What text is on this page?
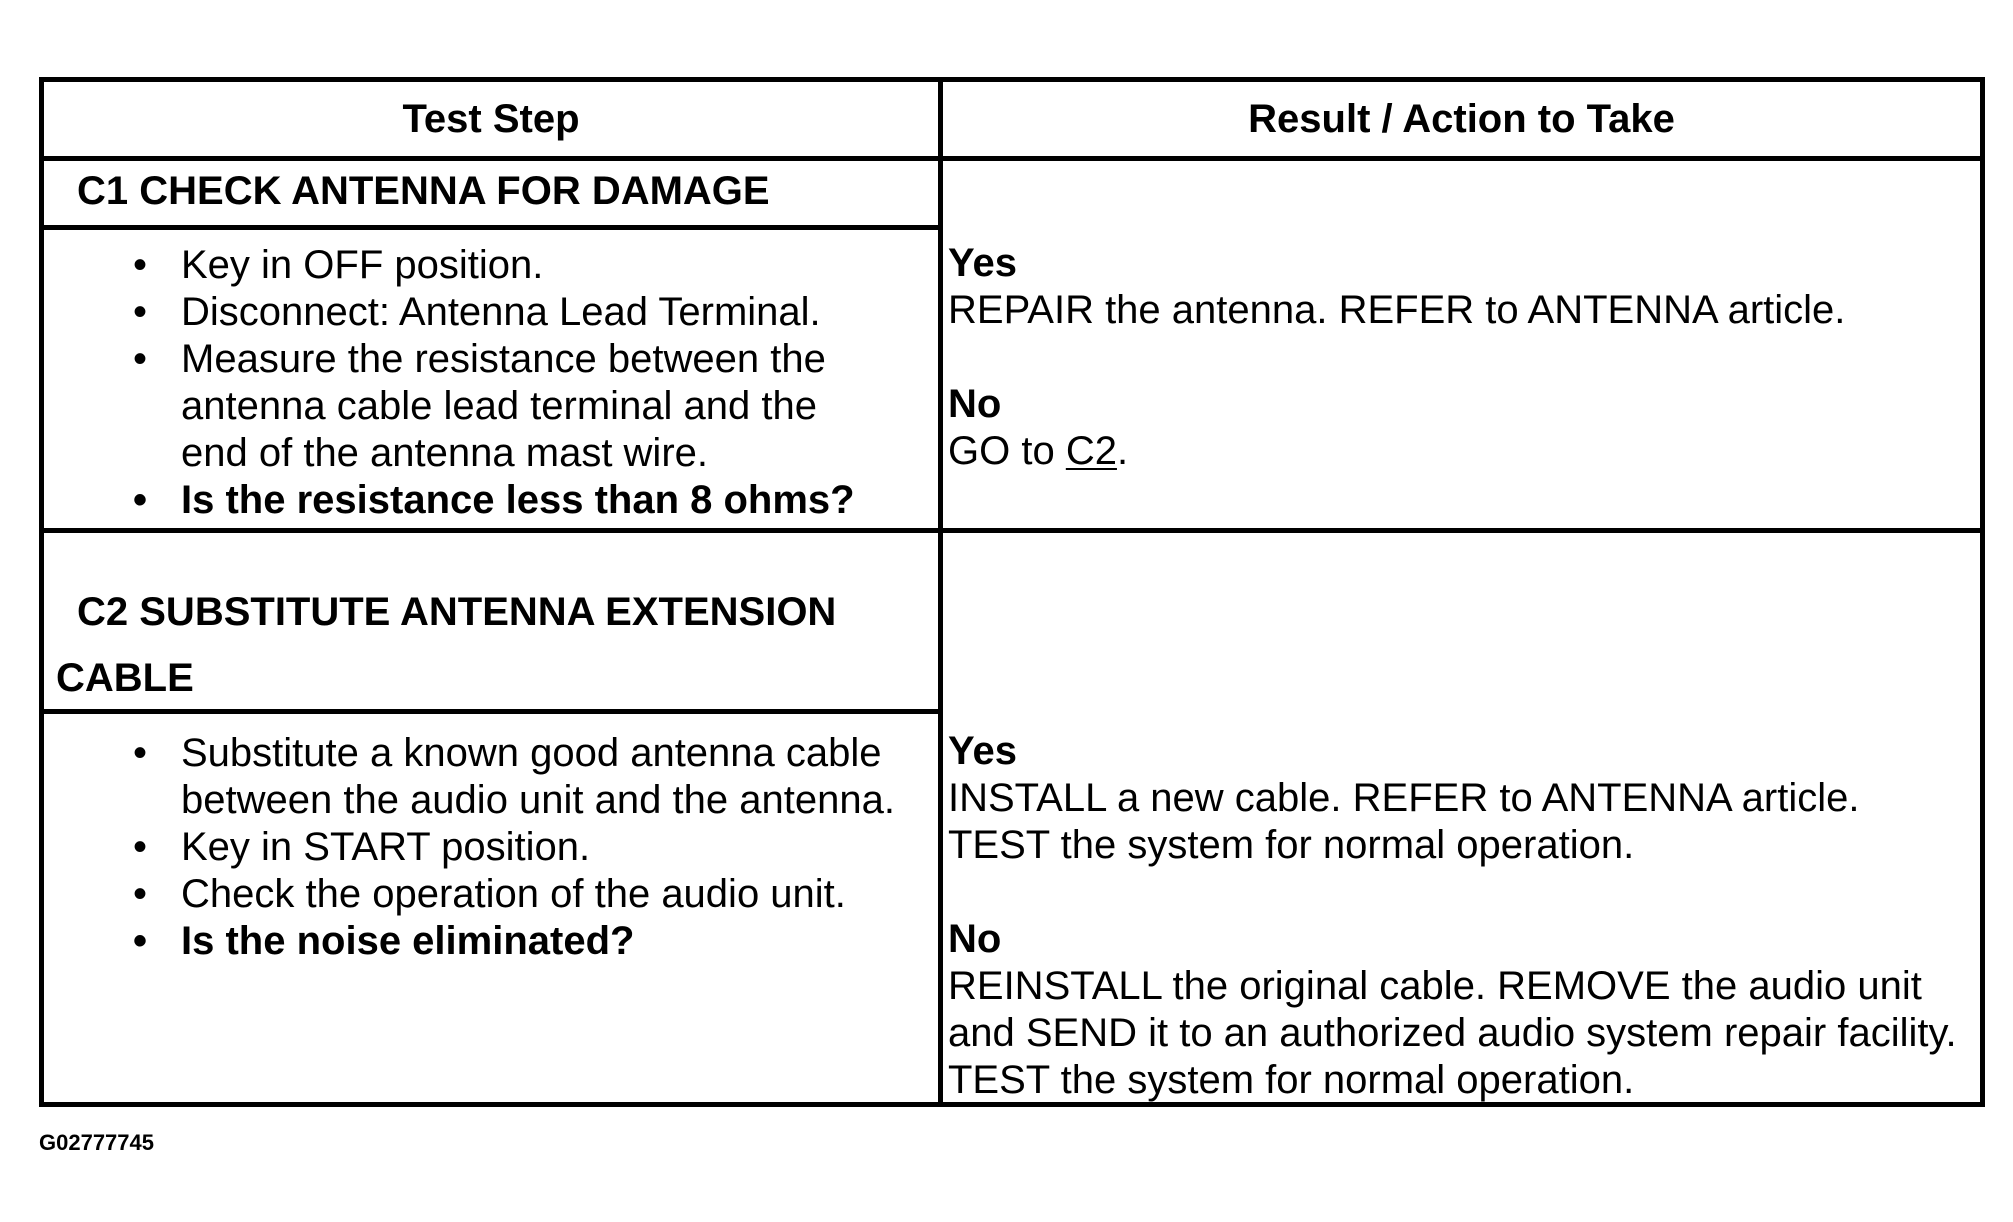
Test Step	Result / Action to Take
C1 CHECK ANTENNA FOR DAMAGE
• Key in OFF position.
• Disconnect: Antenna Lead Terminal.
• Measure the resistance between the antenna cable lead terminal and the end of the antenna mast wire.
• Is the resistance less than 8 ohms?
Yes
REPAIR the antenna. REFER to ANTENNA article.
No
GO to C2.
C2 SUBSTITUTE ANTENNA EXTENSION
CABLE
• Substitute a known good antenna cable between the audio unit and the antenna.
• Key in START position.
• Check the operation of the audio unit.
• Is the noise eliminated?
Yes
INSTALL a new cable. REFER to ANTENNA article. TEST the system for normal operation.
No
REINSTALL the original cable. REMOVE the audio unit and SEND it to an authorized audio system repair facility. TEST the system for normal operation.
G02777745
